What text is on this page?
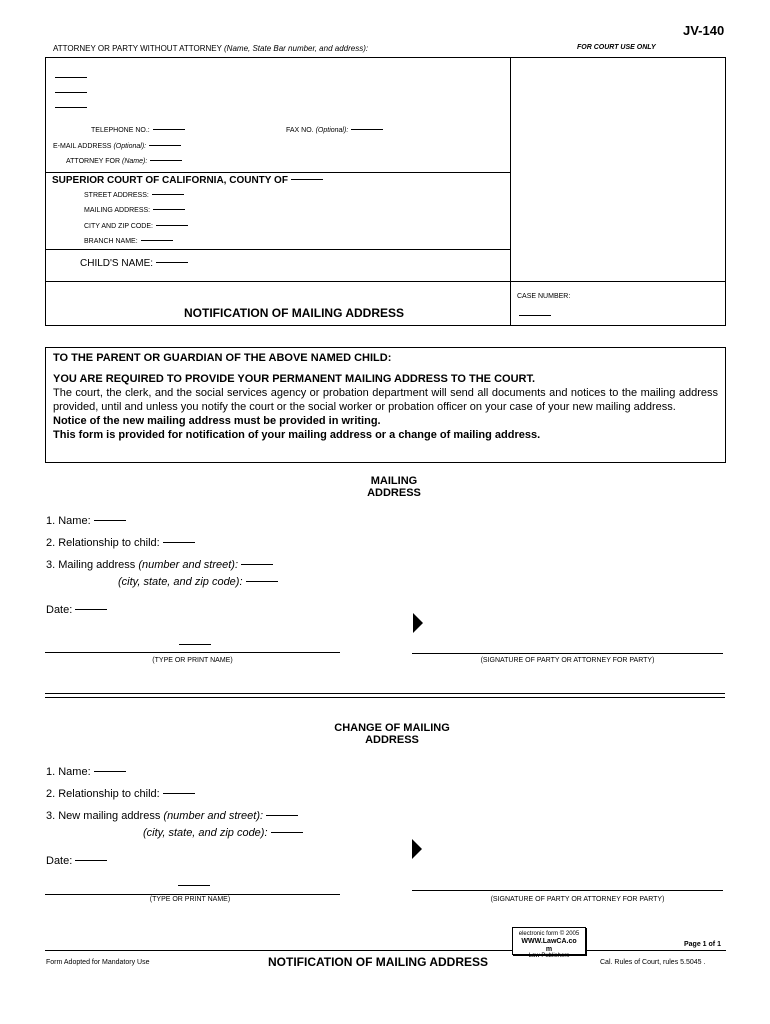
JV-140
ATTORNEY OR PARTY WITHOUT ATTORNEY (Name, State Bar number, and address):	FOR COURT USE ONLY
TELEPHONE NO.:	FAX NO. (Optional):
E-MAIL ADDRESS (Optional):
ATTORNEY FOR (Name):
SUPERIOR COURT OF CALIFORNIA, COUNTY OF
STREET ADDRESS:
MAILING ADDRESS:
CITY AND ZIP CODE:
BRANCH NAME:
CHILD'S NAME:
CASE NUMBER:
NOTIFICATION OF MAILING ADDRESS
TO THE PARENT OR GUARDIAN OF THE ABOVE NAMED CHILD:

YOU ARE REQUIRED TO PROVIDE YOUR PERMANENT MAILING ADDRESS TO THE COURT.

The court, the clerk, and the social services agency or probation department will send all documents and notices to the mailing address provided, until and unless you notify the court or the social worker or probation officer on your case of your new mailing address.

Notice of the new mailing address must be provided in writing.

This form is provided for notification of your mailing address or a change of mailing address.

MAILING
ADDRESS
1. Name:
2. Relationship to child:
3. Mailing address (number and street):
(city, state, and zip code):
Date:
(TYPE OR PRINT NAME)	(SIGNATURE OF PARTY OR ATTORNEY FOR PARTY)
CHANGE OF MAILING
ADDRESS
1. Name:
2. Relationship to child:
3. New mailing address (number and street):
(city, state, and zip code):
Date:
(TYPE OR PRINT NAME)	(SIGNATURE OF PARTY OR ATTORNEY FOR PARTY)
electronic form © 2005
WWW.LawCA.co
m
Law Publishers
Page 1 of 1
Form Adopted for Mandatory Use	NOTIFICATION OF MAILING ADDRESS	Cal. Rules of Court, rules 5.5045 .
